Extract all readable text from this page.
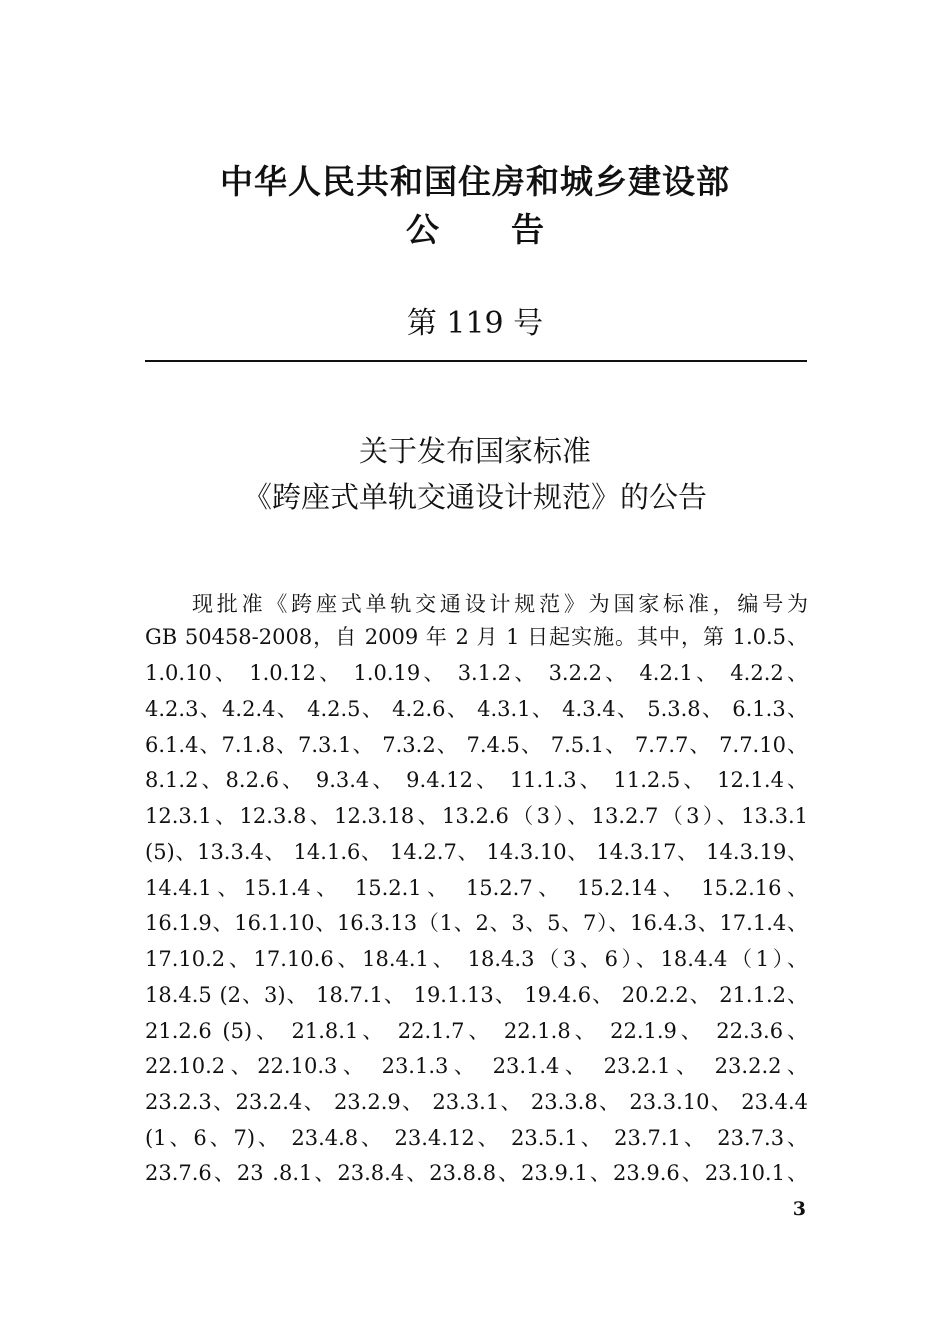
中华人民共和国住房和城乡建设部
公 告

第 119 号

关于发布国家标准

《跨座式单轨交通设计规范》的公告

现批准《跨座式单轨交通设计规范》为国家标准，编号为

GB 50458-2008，自 2009 年 2 月 1 日起实施。其中，第 1.0.5、

1.0.10、 1.0.12、 1.0.19、 3.1.2、 3.2.2、 4.2.1、 4.2.2、

4.2.3、4.2.4、 4.2.5、 4.2.6、 4.3.1、 4.3.4、 5.3.8、 6.1.3、

6.1.4、7.1.8、7.3.1、 7.3.2、 7.4.5、 7.5.1、 7.7.7、 7.7.10、

8.1.2、8.2.6、 9.3.4、 9.4.12、 11.1.3、 11.2.5、 12.1.4、

12.3.1、12.3.8、12.3.18、13.2.6（3）、13.2.7（3）、13.3.1

(5)、13.3.4、 14.1.6、 14.2.7、 14.3.10、 14.3.17、 14.3.19、

14.4.1、15.1.4、 15.2.1、 15.2.7、 15.2.14、 15.2.16、

16.1.9、16.1.10、16.3.13（1、2、3、5、7）、16.4.3、17.1.4、

17.10.2、17.10.6、18.4.1、 18.4.3（3、6）、18.4.4（1）、

18.4.5 (2、3)、 18.7.1、 19.1.13、 19.4.6、 20.2.2、 21.1.2、

21.2.6 (5)、 21.8.1、 22.1.7、 22.1.8、 22.1.9、 22.3.6、

22.10.2、22.10.3、 23.1.3、 23.1.4、 23.2.1、 23.2.2、

23.2.3、23.2.4、 23.2.9、 23.3.1、 23.3.8、 23.3.10、 23.4.4

(1、6、7)、 23.4.8、 23.4.12、 23.5.1、 23.7.1、 23.7.3、

23.7.6、23 .8.1、23.8.4、23.8.8、23.9.1、23.9.6、23.10.1、

3
